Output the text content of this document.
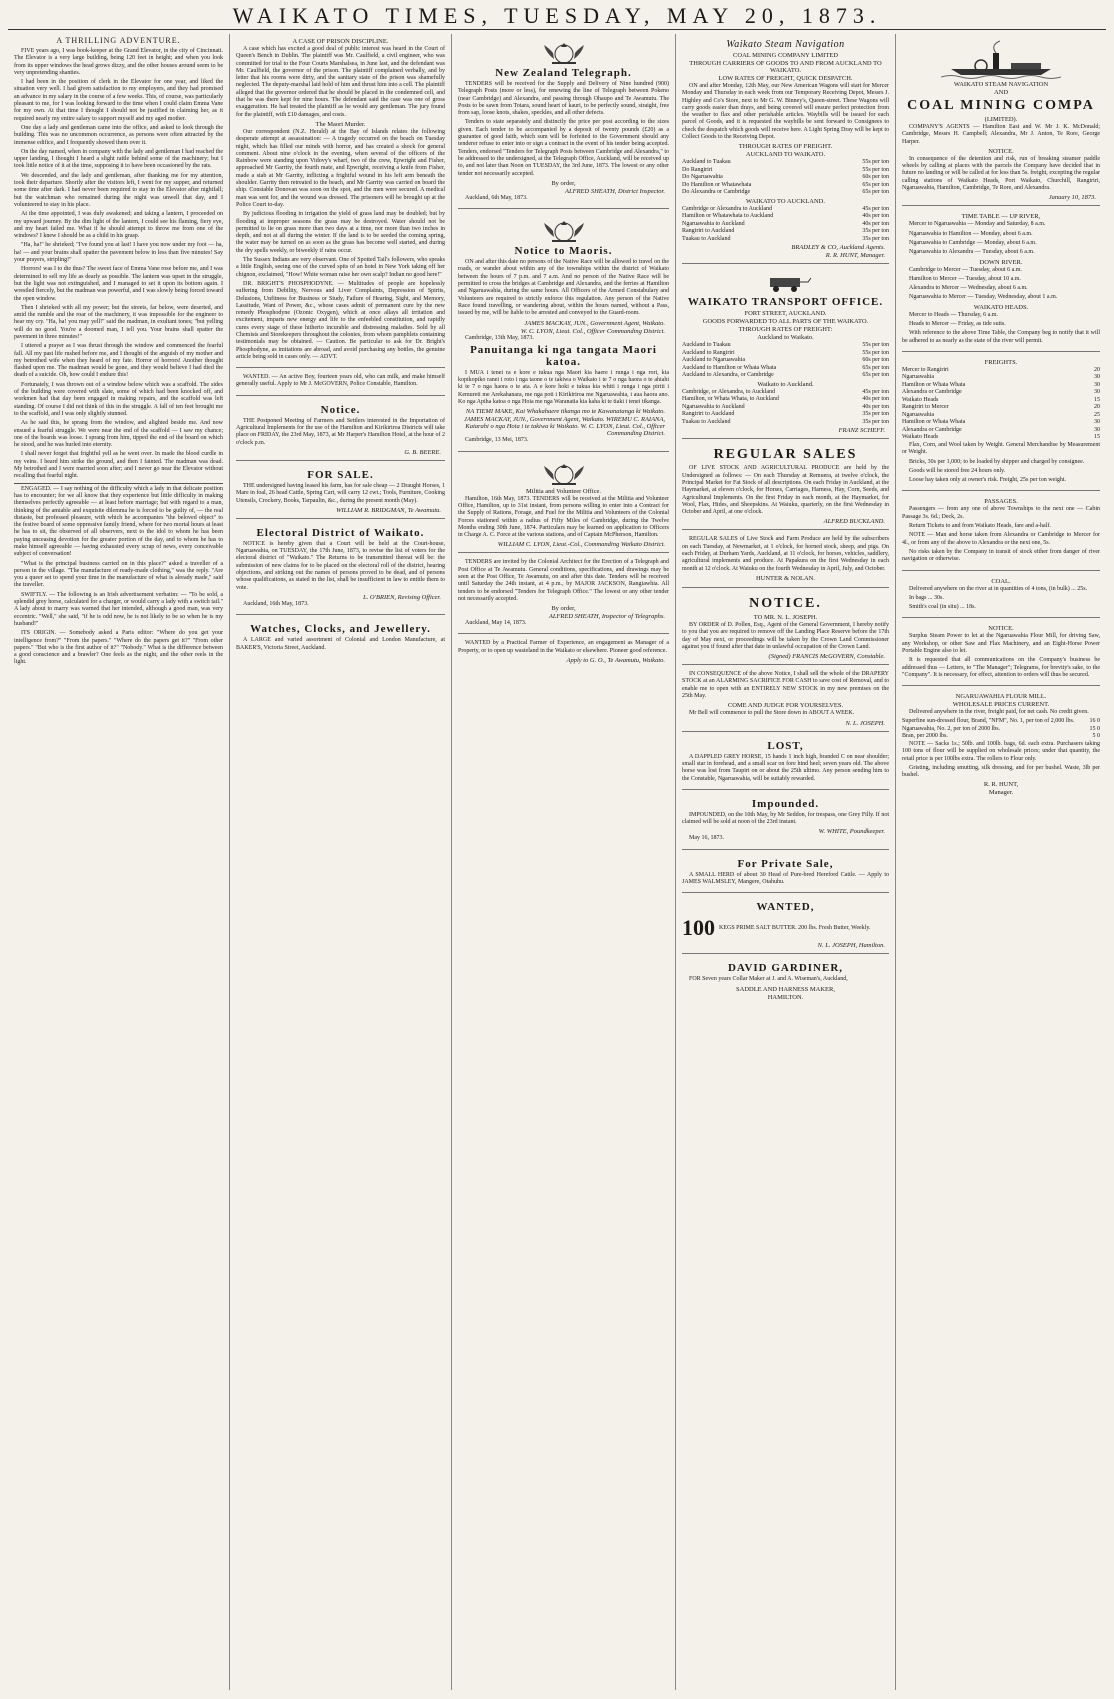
WAIKATO TIMES, TUESDAY, MAY 20, 1873.
A THRILLING ADVENTURE.

FIVE years ago, I was book-keeper at the Grand Elevator, in the city of Cincinnati. The Elevator is a very large building, being 120 feet in height; and when you look from its upper windows the head grows dizzy, and the other houses around seem to be very unpretending shanties.

I had been in the position of clerk in the Elevator for one year, and liked the situation very well. I had given satisfaction to my employers, and they had promised an advance in my salary in the course of a few weeks. This, of course, was particularly pleasant to me, for I was looking forward to the time when I could claim Emma Vane for my own. At that time I thought I should not be justified in claiming her, as it required nearly my entire salary to support myself and my aged mother.

One day a lady and gentleman came into the office, and asked to look through the building. This was no uncommon occurrence, as persons were often attracted by the immense edifice, and I frequently showed them over it.

On the day named, when in company with the lady and gentleman I had reached the upper landing, I thought I heard a slight rattle behind some of the machinery; but I took little notice of it at the time, supposing it to have been occasioned by the rats.

We descended, and the lady and gentleman, after thanking me for my attention, took their departure. Shortly after the visitors left, I went for my supper, and returned some time after dark. I had never been required to stay in the Elevator after nightfall; but the watchman who remained during the night was unwell that day, and I volunteered to stay in his place.

At the time appointed, I was duly awakened; and taking a lantern, I proceeded on my upward journey. By the dim light of the lantern, I could see his flaming, fiery eye, and my heart failed me. What if he should attempt to throw me from one of the windows? I knew I should be as a child in his grasp.

"Ha, ha!" he shrieked; "I've found you at last! I have you now under my foot — ha, ha! — and your brains shall spatter the pavement below in less than five minutes! Say your prayers, stripling!"

Horrors! was I to die thus? The sweet face of Emma Vane rose before me, and I was determined to sell my life as dearly as possible. The lantern was upset in the struggle, but the light was not extinguished, and I managed to set it upon its bottom again. I wrestled fiercely, but the madman was powerful, and I was slowly being forced toward the open window.

Then I shrieked with all my power; but the streets, far below, were deserted, and amid the rumble and the roar of the machinery, it was impossible for the engineer to hear my cry. "Ha, ha! you may yell!" said the madman, in exultant tones; "but yelling will do no good. You're a doomed man, I tell you. Your brains shall spatter the pavement in three minutes!"

I uttered a prayer as I was thrust through the window and commenced the fearful fall. All my past life rushed before me, and I thought of the anguish of my mother and my betrothed wife when they heard of my fate. Horror of horrors! Another thought flashed upon me. The madman would be gone, and they would believe I had died the death of a suicide. Oh, how could I endure this!

Fortunately, I was thrown out of a window below which was a scaffold. The sides of the building were covered with slate, some of which had been knocked off, and workmen had that day been engaged in making repairs, and the scaffold was left standing. Of course I did not think of this in the struggle. A fall of ten feet brought me to the scaffold, and I was only slightly stunned.

As he said this, he sprang from the window, and alighted beside me. And now ensued a fearful struggle. We were near the end of the scaffold — I saw my chance; one of the boards was loose. I sprang from him, tipped the end of the board on which he stood, and he was hurled into eternity.

I shall never forget that frightful yell as he went over. In made the blood curdle in my veins. I heard him strike the ground, and then I fainted. The madman was dead. My betrothed and I were married soon after; and I never go near the Elevator without recalling that fearful night.

ENGAGED. — I say nothing of the difficulty which a lady in that delicate position has to encounter; for we all know that they experience but little difficulty in making themselves perfectly agreeable — at least before marriage; but with regard to a man, thinking of the amiable and exquisite dilemma he is forced to be guilty of, — the real distaste, but professed pleasure, with which he accompanies "the beloved object" to the festive board of some oppressive family friend, where for two mortal hours at least he has to sit, the observed of all observers, next to the idol to whom he has been paying unceasing devotion for the greater portion of the day, and to whom he has to make himself agreeable — having exhausted every scrap of news, every conceivable subject of conversation!

"What is the principal business carried on in this place?" asked a traveller of a person in the village. "The manufacture of ready-made clothing," was the reply. "Are you a queer set to spend your time in the manufacture of what is already made," said the traveller.

SWIFTLY. — The following is an Irish advertisement verbatim: — "To be sold, a splendid grey horse, calculated for a charger, or would carry a lady with a switch tail." A lady about to marry was warned that her intended, although a good man, was very eccentric. "Well," she said, "if he is odd now, he is not likely to be so when he is my husband!"

ITS ORIGIN. — Somebody asked a Paris editor: "Where do you get your intelligence from?" "From the papers." "Where do the papers get it?" "From other papers." "But who is the first author of it?" "Nobody." What is the difference between a good conscience and a brawler? One feels as the night, and the other reels in the light.

A CASE OF PRISON DISCIPLINE.

A case which has excited a good deal of public interest was heard in the Court of Queen's Bench in Dublin. The plaintiff was Mr. Caulfield, a civil engineer, who was committed for trial to the Four Courts Marshalsea, in June last, and the defendant was Mr. Caulfield, the governor of the prison. The plaintiff complained verbally, and by letter that his rooms were dirty, and the sanitary state of the prison was shamefully neglected. The deputy-marshal laid hold of him and thrust him into a cell. The plaintiff alleged that the governor ordered that he should be placed in the condemned cell, and that he was there kept for nine hours. The defendant said the case was one of gross exaggeration. He had treated the plaintiff as he would any gentleman. The jury found for the plaintiff, with £10 damages, and costs.

The Maori Murder.

Our correspondent (N.Z. Herald) at the Bay of Islands relates the following desperate attempt at assassination: — A tragedy occurred on the beach on Tuesday night, which has filled our minds with horror, and has created a shock for general comment. About nine o'clock in the evening, when several of the officers of the Rainbow were standing upon Vidovy's wharf, two of the crew, Epwright and Fisher, approached Mr Garrity, the fourth mate, and Epwright, receiving a knife from Fisher, made a stab at Mr Garrity, inflicting a frightful wound in his left arm beneath the shoulder. Garrity then retreated to the beach, and Mr Garrity was carried on board the ship. Constable Donovan was soon on the spot, and the men were secured. A medical man was sent for, and the wound was dressed. The prisoners will be brought up at the Police Court to-day.

By judicious flooding in irrigation the yield of grass land may be doubled; but by flooding at improper seasons the grass may be destroyed. Water should not be permitted to lie on grass more than two days at a time, nor more than two inches in depth, and not at all during the winter. If the land is to be seeded the coming spring, the water may be turned on as soon as the grass has become well started, and during the dry spells weekly, or biweekly if rains occur.

The Sussex Indians are very observant. One of Spotted Tail's followers, who speaks a little English, seeing one of the curved spits of an hotel in New York taking off her chignon, exclaimed, "How! White woman raise her own scalp? Indian no good here!"

DR. BRIGHT'S PHOSPHODYNE. — Multitudes of people are hopelessly suffering from Debility, Nervous and Liver Complaints, Depression of Spirits, Delusions, Unfitness for Business or Study, Failure of Hearing, Sight, and Memory, Lassitude, Want of Power, &c., whose cases admit of permanent cure by the new remedy Phosphodyne (Ozonic Oxygen), which at once allays all irritation and excitement, imparts new energy and life to the enfeebled constitution, and rapidly cures every stage of these hitherto incurable and distressing maladies. Sold by all Chemists and Storekeepers throughout the colonies, from whom pamphlets containing testimonials may be obtained. — Caution. Be particular to ask for Dr. Bright's Phosphodyne, as imitations are abroad, and avoid purchasing any bottles, the genuine article being sold in cases only. — ADVT.

WANTED. — An active Boy, fourteen years old, who can milk, and make himself generally useful. Apply to Mr J. McGOVERN, Police Constable, Hamilton.

Notice.

THE Postponed Meeting of Farmers and Settlers interested in the Importation of Agricultural Implements for the use of the Hamilton and Kirikiriroa Districts will take place on FRIDAY, the 23rd May, 1873, at Mr Harper's Hamilton Hotel, at the hour of 2 o'clock p.m.

G. B. BEERE.
FOR SALE.

THE undersigned having leased his farm, has for sale cheap — 2 Draught Horses, 1 Mare in foal, 26 head Cattle, Spring Cart, will carry 12 cwt.; Tools, Furniture, Cooking Utensils, Crockery, Books, Tarpaulin, &c., during the present month (May).

WILLIAM R. BRIDGMAN, Te Awamutu.
Electoral District of Waikato.

NOTICE is hereby given that a Court will be held at the Court-house, Ngaruawahia, on TUESDAY, the 17th June, 1873, to revise the list of voters for the electoral district of "Waikato." The Returns to be transmitted thereat will be: the submission of new claims for to be placed on the electoral roll of the district, hearing objections, and striking out the names of persons proved to be dead, and of persons whose qualifications, as stated in the list, shall be insufficient in law to entitle them to vote.

L. O'BRIEN, Revising Officer.

Auckland, 16th May, 1873.

Watches, Clocks, and Jewellery.

A LARGE and varied assortment of Colonial and London Manufacture, at BAKER'S, Victoria Street, Auckland.

New Zealand Telegraph.

TENDERS will be received for the Supply and Delivery of Nine hundred (900) Telegraph Posts (more or less), for renewing the line of Telegraph between Pokeno (near Cambridge) and Alexandra, and passing through Ohaupo and Te Awamutu. The Posts to be sawn from Totara, sound heart of kauri, to be perfectly sound, straight, free from sap, loose knots, shakes, speckles, and all other defects.

Tenders to state separately and distinctly the price per post according to the sizes given. Each tender to be accompanied by a deposit of twenty pounds (£20) as a guarantee of good faith, which sum will be forfeited to the Government should any tenderer refuse to enter into or sign a contract in the event of his tender being accepted. Tenders, endorsed "Tenders for Telegraph Posts between Cambridge and Alexandra," to be addressed to the undersigned, at the Telegraph Office, Auckland, will be received up to, and not later than Noon on TUESDAY, the 3rd June, 1873. The lowest or any other tender not necessarily accepted.

By order,
ALFRED SHEATH, District Inspector.

Auckland, 6th May, 1873.

Notice to Maoris.

ON and after this date no persons of the Native Race will be allowed to travel on the roads, or wander about within any of the townships within the district of Waikato between the hours of 7 p.m. and 7 a.m. And no person of the Native Race will be permitted to cross the bridges at Cambridge and Alexandra, and the ferries at Hamilton and Ngaruawahia, during the same hours. All Officers of the Armed Constabulary and Volunteers are required to strictly enforce this regulation. Any person of the Native Race found travelling, or wandering about, within the hours named, without a Pass, issued by me, will be liable to be arrested and conveyed to the Guard-room.

JAMES MACKAY, JUN., Government Agent, Waikato.
W. C. LYON, Lieut. Col., Officer Commanding District.

Cambridge, 13th May, 1873.

Panuitanga ki nga tangata Maori katoa.

I MUA i tenei ra e kore e tukua nga Maori kia haere i runga i nga rori, kia kopikopiko ranei i roto i nga taone o te takiwa o Waikato i te 7 o nga haora o te ahiahi ki te 7 o nga haora o te ata. A e kore hoki e tukua kia whiti i runga i nga piriti i Kemureti me Arekahanara, me nga poti i Kirikiriroa me Ngaruawahia, i aua haora ano. Ko nga Apiha katoa o nga Hoia me nga Waranatia kia kaha ki te tiaki i tenei tikanga.

NA TIEMI MAKE, Kai Whakahaere tikanga mo te Kawanatanga ki Waikato.
JAMES MACKAY, JUN., Government Agent, Waikato. WIREMU C. RAIANA, Kaiarahi o nga Hoia i te takiwa ki Waikato. W. C. LYON, Lieut. Col., Officer Commanding District.

Cambridge, 13 Mei, 1873.

Militia and Volunteer Office.

Hamilton, 16th May, 1873. TENDERS will be received at the Militia and Volunteer Office, Hamilton, up to 31st instant, from persons willing to enter into a Contract for the Supply of Rations, Forage, and Fuel for the Militia and Volunteers of the Colonial Forces stationed within a radius of Fifty Miles of Cambridge, during the Twelve Months ending 30th June, 1874. Particulars may be learned on application to Officers in Charge A. C. Force at the various stations, and of Captain McPherson, Hamilton.

WILLIAM C. LYON, Lieut.-Col., Commanding Waikato District.

TENDERS are invited by the Colonial Architect for the Erection of a Telegraph and Post Office at Te Awamutu. General conditions, specifications, and drawings may be seen at the Post Office, Te Awamutu, on and after this date. Tenders will be received until Saturday the 24th instant, at 4 p.m., by MAJOR JACKSON, Rangiawhia. All tenders to be endorsed "Tenders for Telegraph Office." The lowest or any other tender not necessarily accepted.

By order,
ALFRED SHEATH, Inspector of Telegraphs.

Auckland, May 14, 1873.

WANTED by a Practical Farmer of Experience, an engagement as Manager of a Property, or to open up wasteland in the Waikato or elsewhere. Pioneer good reference.

Apply to G. O., Te Awamutu, Waikato.
Waikato Steam Navigation
COAL MINING COMPANY LIMITED
THROUGH CARRIERS OF GOODS TO AND FROM AUCKLAND TO WAIKATO.
LOW RATES OF FREIGHT, QUICK DESPATCH.

ON and after Monday, 12th May, our New American Wagons will start for Mercer Monday and Thursday in each week from our Temporary Receiving Depot, Messrs J. Highley and Co's Store, next to Mr G. W. Binney's, Queen-street. These Wagons will carry goods easier than drays, and being covered will ensure perfect protection from the weather to flax and other perishable articles. Waybills will be issued for each parcel of Goods, and it is requested the waybills be sent forward to Consignees to check the despatch which goods will receive here. A Light Spring Dray will be kept to Collect Goods to the Receiving Depot.

THROUGH RATES OF FREIGHT.
AUCKLAND TO WAIKATO.
Auckland to Tuakau	55s per ton
Do Rangiriri	55s per ton
Do Ngaruawahia	60s per ton
Do Hamilton or Whatawhata	65s per ton
Do Alexandra or Cambridge	65s per ton
WAIKATO TO AUCKLAND.
Cambridge or Alexandra to Auckland	45s per ton
Hamilton or Whatawhata to Auckland	40s per ton
Ngaruawahia to Auckland	40s per ton
Rangiriri to Auckland	35s per ton
Tuakau to Auckland	35s per ton
BRADLEY & CO, Auckland Agents.
R. R. HUNT, Manager.
WAIKATO TRANSPORT OFFICE.
FORT STREET, AUCKLAND.
GOODS FORWARDED TO ALL PARTS OF THE WAIKATO.
THROUGH RATES OF FREIGHT:
Auckland to Waikato.
Auckland to Tuakau	55s per ton
Auckland to Rangiriri	55s per ton
Auckland to Ngaruawahia	60s per ton
Auckland to Hamilton or Whata Whata	65s per ton
Auckland to Alexandra, or Cambridge	65s per ton
Waikato to Auckland.
Cambridge, or Alexandra, to Auckland	45s per ton
Hamilton, or Whata Whata, to Auckland	40s per ton
Ngaruawahia to Auckland	40s per ton
Rangiriri to Auckland	35s per ton
Tuakau to Auckland	35s per ton
FRANZ SCHEFF.
REGULAR SALES

OF LIVE STOCK AND AGRICULTURAL PRODUCE are held by the Undersigned as follows: — On each Thursday at Remuera, at twelve o'clock, the Principal Market for Fat Stock of all descriptions. On each Friday in Auckland, at the Haymarket, at eleven o'clock, for Horses, Carriages, Harness, Hay, Corn, Seeds, and Agricultural Implements. On the first Friday in each month, at the Haymarket, for Wool, Flax, Hides, and Sheepskins. At Waiuku, quarterly, on the first Wednesday in October and April, at one o'clock.

ALFRED BUCKLAND.

REGULAR SALES of Live Stock and Farm Produce are held by the subscribers on each Tuesday, at Newmarket, at 1 o'clock, for horned stock, sheep, and pigs. On each Friday, at Durham Yards, Auckland, at 11 o'clock, for horses, vehicles, saddlery, agricultural implements and produce. At Papakura on the first Wednesday in each month at 12 o'clock. At Waiuku on the fourth Wednesday in April, July, and October.

HUNTER & NOLAN.
NOTICE.
TO MR. N. L. JOSEPH.

BY ORDER of D. Pollen, Esq., Agent of the General Government, I hereby notify to you that you are required to remove off the Landing Place Reserve before the 17th day of May next, or proceedings will be taken by the Crown Land Commissioner against you if found after that date in unlawful occupation of the Crown Land.

(Signed) FRANCIS McGOVERN, Constable.

IN CONSEQUENCE of the above Notice, I shall sell the whole of the DRAPERY STOCK at an ALARMING SACRIFICE FOR CASH to save cost of Removal, and to enable me to open with an ENTIRELY NEW STOCK in my new premises on the 25th May.

COME AND JUDGE FOR YOURSELVES.

Mr Bell will commence to pull the Store down in ABOUT A WEEK.

N. L. JOSEPH.
LOST,

A DAPPLED GREY HORSE, 15 hands 1 inch high, branded C on near shoulder; small star in forehead, and a small scar on fore hind heel; seven years old. The above horse was lost from Taupiri on or about the 25th ultimo. Any person sending him to the Constable, Ngaruawahia, will be suitably rewarded.

Impounded.

IMPOUNDED, on the 10th May, by Mr Seddon, for trespass, one Grey Filly. If not claimed will be sold at noon of the 23rd instant.

W. WHITE, Poundkeeper.

May 16, 1873.

For Private Sale,

A SMALL HERD of about 30 Head of Pure-bred Hereford Cattle. — Apply to JAMES WALMSLEY, Mangere, Otahuhu.

WANTED,
100 KEGS PRIME SALT BUTTER. 200 lbs. Fresh Butter, Weekly.
N. L. JOSEPH, Hamilton.
DAVID GARDINER,

FOR Seven years Collar Maker at J. and A. Wiseman's, Auckland,

SADDLE AND HARNESS MAKER,
HAMILTON.
WAIKATO STEAM NAVIGATION
AND
COAL MINING COMPA
(LIMITED).

COMPANY'S AGENTS — Hamilton East and W. Mr J. K. McDonald; Cambridge, Messrs H. Campbell; Alexandra, Mr J. Anton, Te Rore, George Harper.

NOTICE.

In consequence of the detention and risk, run of breaking steamer paddle wheels by calling at places with the parcels the Company have decided that in future no landing or will be called at for less than 5s. freight, excepting the regular calling stations of Waikato Heads, Port Waikato, Churchill, Rangiriri, Ngaruawahia, Hamilton, Cambridge, Te Rore, and Alexandra.

January 10, 1873.
TIME TABLE — UP RIVER,

Mercer to Ngaruawahia — Monday and Saturday, 8 a.m.

Ngaruawahia to Hamilton — Monday, about 6 a.m.

Ngaruawahia to Cambridge — Monday, about 6 a.m.

Ngaruawahia to Alexandra — Tuesday, about 6 a.m.

DOWN RIVER.

Cambridge to Mercer — Tuesday, about 6 a.m.

Hamilton to Mercer — Tuesday, about 10 a.m.

Alexandra to Mercer — Wednesday, about 6 a.m.

Ngaruawahia to Mercer — Tuesday, Wednesday, about 1 a.m.

WAIKATO HEADS.

Mercer to Heads — Thursday, 6 a.m.

Heads to Mercer — Friday, as tide suits.

With reference to the above Time Table, the Company beg to notify that it will be adhered to as nearly as the state of the river will permit.

FREIGHTS.
Mercer to Rangiriri	20
Ngaruawahia	30
Hamilton or Whata Whata	30
Alexandra or Cambridge	30
Waikato Heads	15
Rangiriri to Mercer	20
Ngaruawahia	25
Hamilton or Whata Whata	30
Alexandra or Cambridge	30
Waikato Heads	15

Flax, Corn, and Wool taken by Weight. General Merchandise by Measurement or Weight.

Bricks, 30s per 1,000; to be loaded by shipper and charged by consignee.

Goods will be stored free 24 hours only.

Loose hay taken only at owner's risk. Freight, 25s per ton weight.

PASSAGES.

Passengers — from any one of above Townships to the next one — Cabin Passage 3s. 6d.; Deck, 2s.

Return Tickets to and from Waikato Heads, fare and a-half.

NOTE — Man and horse taken from Alexandra or Cambridge to Mercer for 4l., or from any of the above to Alexandra or the next one, 5s.

No risks taken by the Company in transit of stock either from danger of river navigation or otherwise.

COAL.

Delivered anywhere on the river at in quantities of 4 tons, (in bulk) ... 25s.

In bags ... 30s.

Smith's coal (in situ) ... 18s.

NOTICE.

Surplus Steam Power to let at the Ngaruawahia Flour Mill, for driving Saw, any Workshop, or other Saw and Flax Machinery, and an Eight-Horse Power Portable Engine also to let.

It is requested that all communications on the Company's business be addressed thus — Letters, to "The Manager"; Telegrams, for brevity's sake, to the "Company". It is necessary, for effect, attention to orders will thus be secured.

NGARUAWAHIA FLOUR MILL.
WHOLESALE PRICES CURRENT.

Delivered anywhere in the river, freight paid, for net cash. No credit given.

Superfine sun-dressed flour, Brand, "NFM", No. 1, per ton of 2,000 lbs.	16 0
Ngaruawahia, No. 2, per ton of 2000 lbs.	15 0
Bran, per 2000 lbs.	5 0

NOTE — Sacks 1s.; 50lb. and 100lb. bags, 6d. each extra. Purchasers taking 100 tons of flour will be supplied on wholesale prices; under that quantity, the retail price is per 100lbs extra. The rollers to Flour only.

Gristing, including smutting, silk dressing, and for per bushel. Waste, 3lb per bushel.

R. R. HUNT,
Manager.
